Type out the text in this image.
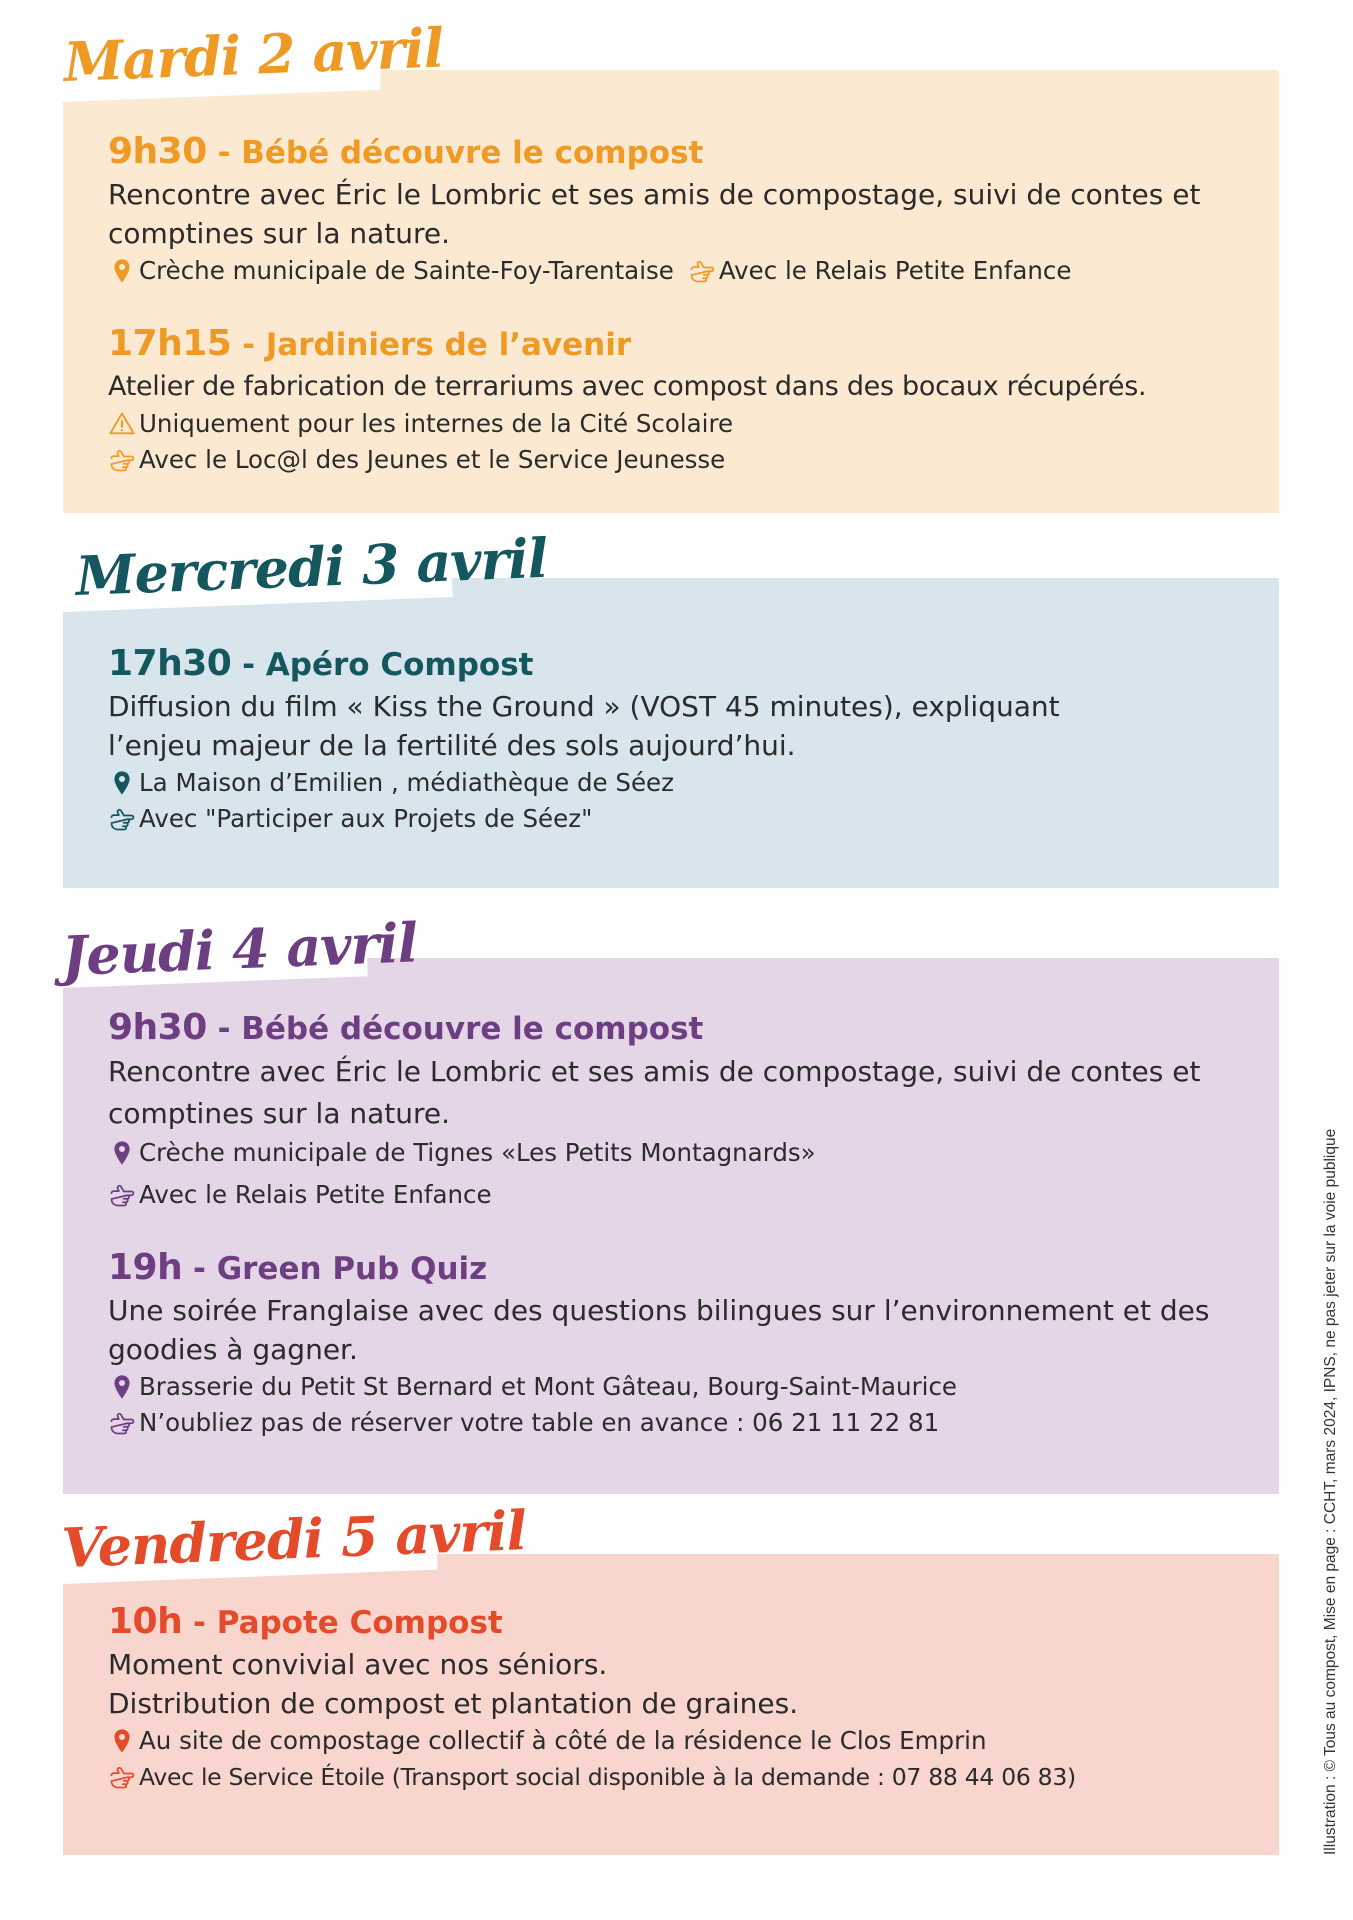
Mardi 2 avril
9h30 - Bébé découvre le compost
Rencontre avec Éric le Lombric et ses amis de compostage, suivi de contes et comptines sur la nature.
Crèche municipale de Sainte-Foy-Tarentaise Avec le Relais Petite Enfance
17h15 - Jardiniers de l’avenir
Atelier de fabrication de terrariums avec compost dans des bocaux récupérés.
Uniquement pour les internes de la Cité Scolaire
Avec le Loc@l des Jeunes et le Service Jeunesse
Mercredi 3 avril
17h30 - Apéro Compost
Diffusion du film « Kiss the Ground » (VOST 45 minutes), expliquant l’enjeu majeur de la fertilité des sols aujourd’hui.
La Maison d’Emilien , médiathèque de Séez
Avec "Participer aux Projets de Séez"
Jeudi 4 avril
9h30 - Bébé découvre le compost
Rencontre avec Éric le Lombric et ses amis de compostage, suivi de contes et comptines sur la nature.
Crèche municipale de Tignes «Les Petits Montagnards»
Avec le Relais Petite Enfance
19h - Green Pub Quiz
Une soirée Franglaise avec des questions bilingues sur l’environnement et des goodies à gagner.
Brasserie du Petit St Bernard et Mont Gâteau, Bourg-Saint-Maurice
N’oubliez pas de réserver votre table en avance : 06 21 11 22 81
Vendredi 5 avril
10h - Papote Compost
Moment convivial avec nos séniors.
Distribution de compost et plantation de graines.
Au site de compostage collectif à côté de la résidence le Clos Emprin
Avec le Service Étoile (Transport social disponible à la demande : 07 88 44 06 83)	Illustration : © Tous au compost, Mise en page : CCHT, mars 2024, IPNS, ne pas jeter sur la voie publique
